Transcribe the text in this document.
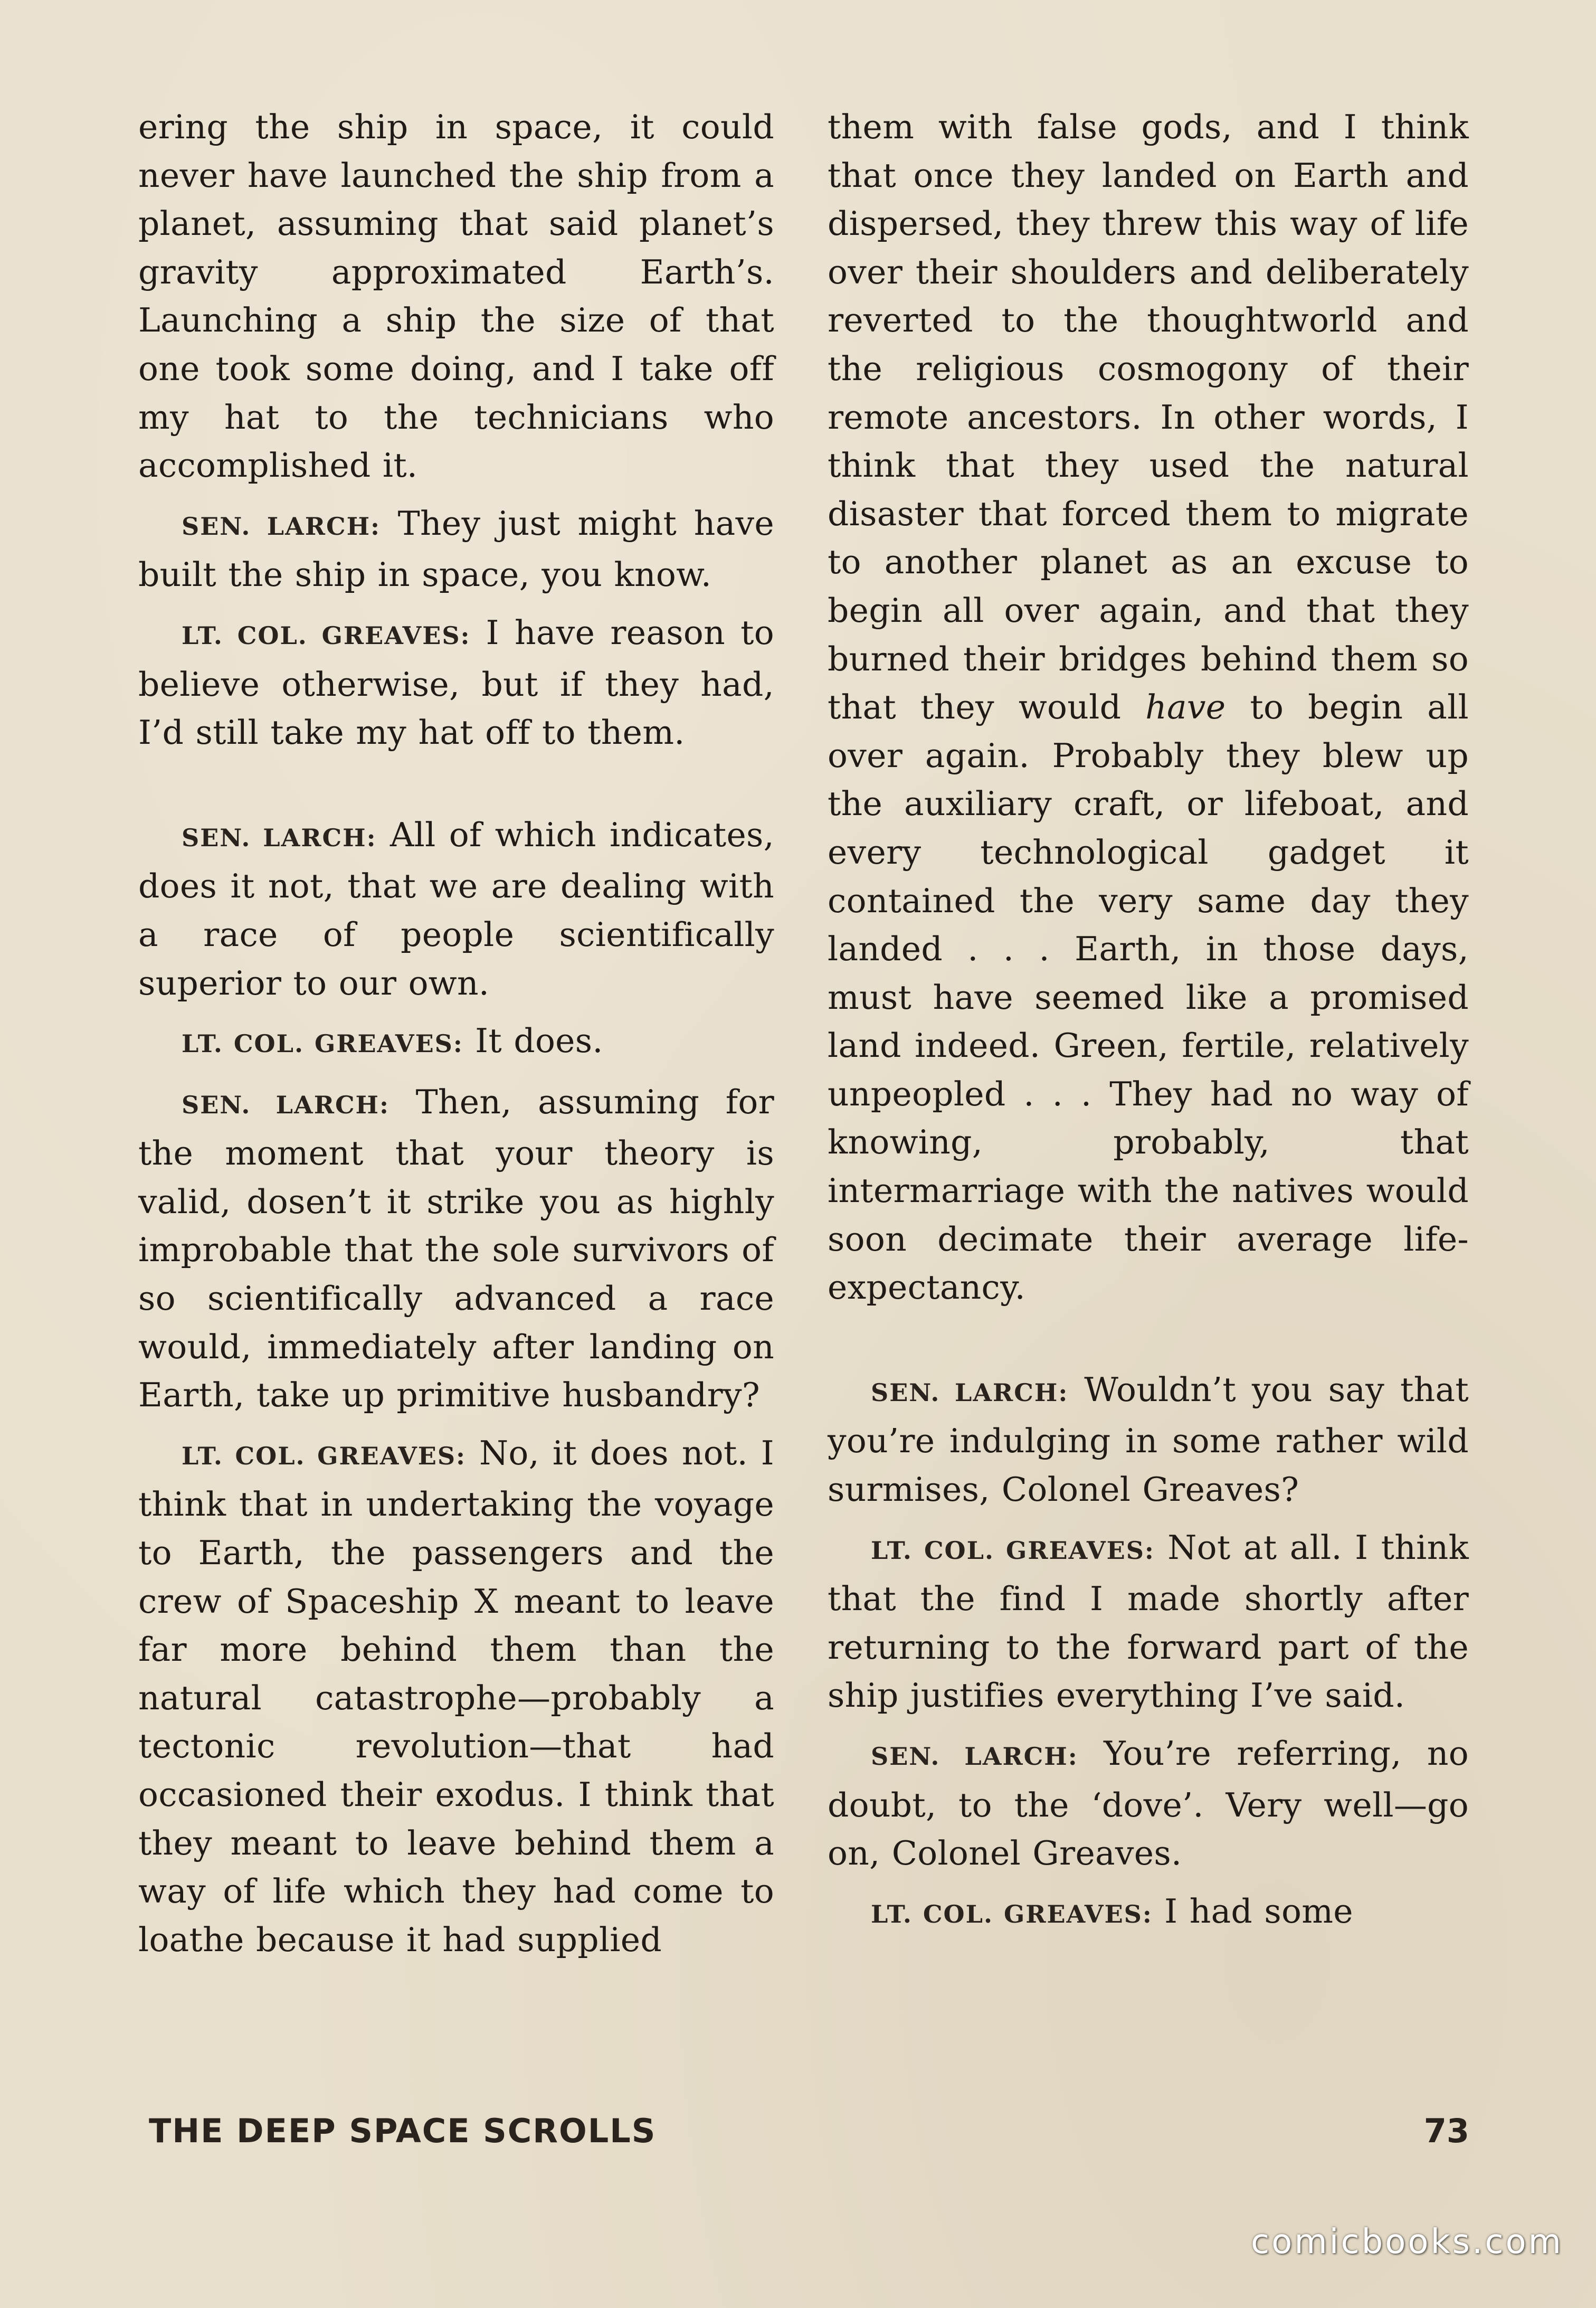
ering the ship in space, it could never have launched the ship from a planet, assuming that said planet’s gravity approximated Earth’s. Launching a ship the size of that one took some doing, and I take off my hat to the technicians who accomplished it.

SEN. LARCH: They just might have built the ship in space, you know.

LT. COL. GREAVES: I have reason to believe otherwise, but if they had, I’d still take my hat off to them.

SEN. LARCH: All of which indicates, does it not, that we are dealing with a race of people scientifically superior to our own.

LT. COL. GREAVES: It does.

SEN. LARCH: Then, assuming for the moment that your theory is valid, dosen’t it strike you as highly improbable that the sole survivors of so scientifically advanced a race would, immediately after landing on Earth, take up primitive husbandry?

LT. COL. GREAVES: No, it does not. I think that in undertaking the voyage to Earth, the passengers and the crew of Spaceship X meant to leave far more behind them than the natural catastrophe—probably a tectonic revolution—that had occasioned their exodus. I think that they meant to leave behind them a way of life which they had come to loathe because it had supplied

them with false gods, and I think that once they landed on Earth and dispersed, they threw this way of life over their shoulders and deliberately reverted to the thoughtworld and the religious cosmogony of their remote ancestors. In other words, I think that they used the natural disaster that forced them to migrate to another planet as an excuse to begin all over again, and that they burned their bridges behind them so that they would have to begin all over again. Probably they blew up the auxiliary craft, or lifeboat, and every technological gadget it contained the very same day they landed . . . Earth, in those days, must have seemed like a promised land indeed. Green, fertile, relatively unpeopled . . . They had no way of knowing, probably, that intermarriage with the natives would soon decimate their average life-expectancy.

SEN. LARCH: Wouldn’t you say that you’re indulging in some rather wild surmises, Colonel Greaves?

LT. COL. GREAVES: Not at all. I think that the find I made shortly after returning to the forward part of the ship justifies everything I’ve said.

SEN. LARCH: You’re referring, no doubt, to the ‘dove’. Very well—go on, Colonel Greaves.

LT. COL. GREAVES: I had some

THE DEEP SPACE SCROLLS	73
comicbooks.com
